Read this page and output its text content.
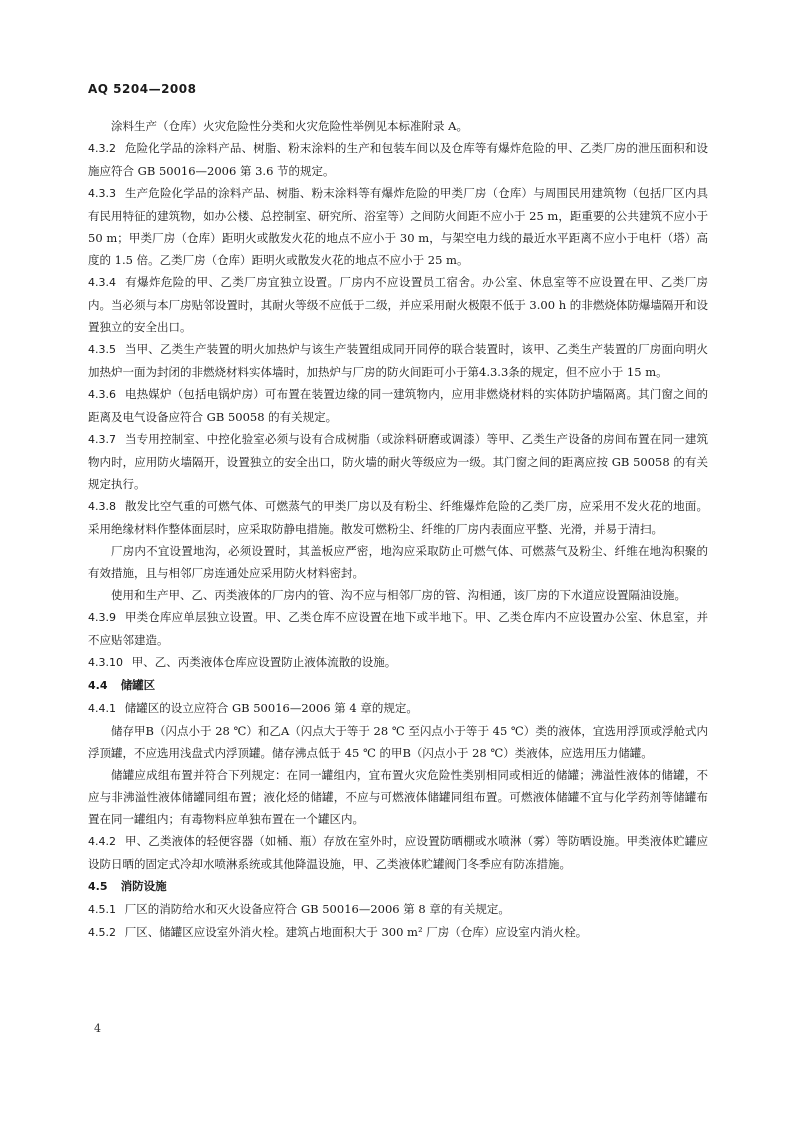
AQ 5204—2008

涂料生产（仓库）火灾危险性分类和火灾危险性举例见本标准附录 A。

4.3.2 危险化学品的涂料产品、树脂、粉末涂料的生产和包装车间以及仓库等有爆炸危险的甲、乙类厂房的泄压面积和设施应符合 GB 50016—2006 第 3.6 节的规定。

4.3.3 生产危险化学品的涂料产品、树脂、粉末涂料等有爆炸危险的甲类厂房（仓库）与周围民用建筑物（包括厂区内具有民用特征的建筑物，如办公楼、总控制室、研究所、浴室等）之间防火间距不应小于 25 m，距重要的公共建筑不应小于 50 m；甲类厂房（仓库）距明火或散发火花的地点不应小于 30 m，与架空电力线的最近水平距离不应小于电杆（塔）高度的 1.5 倍。乙类厂房（仓库）距明火或散发火花的地点不应小于 25 m。

4.3.4 有爆炸危险的甲、乙类厂房宜独立设置。厂房内不应设置员工宿舍。办公室、休息室等不应设置在甲、乙类厂房内。当必须与本厂房贴邻设置时，其耐火等级不应低于二级，并应采用耐火极限不低于 3.00 h 的非燃烧体防爆墙隔开和设置独立的安全出口。

4.3.5 当甲、乙类生产装置的明火加热炉与该生产装置组成同开同停的联合装置时，该甲、乙类生产装置的厂房面向明火加热炉一面为封闭的非燃烧材料实体墙时，加热炉与厂房的防火间距可小于第4.3.3条的规定，但不应小于 15 m。

4.3.6 电热媒炉（包括电锅炉房）可布置在装置边缘的同一建筑物内，应用非燃烧材料的实体防护墙隔离。其门窗之间的距离及电气设备应符合 GB 50058 的有关规定。

4.3.7 当专用控制室、中控化验室必须与设有合成树脂（或涂料研磨或调漆）等甲、乙类生产设备的房间布置在同一建筑物内时，应用防火墙隔开，设置独立的安全出口，防火墙的耐火等级应为一级。其门窗之间的距离应按 GB 50058 的有关规定执行。

4.3.8 散发比空气重的可燃气体、可燃蒸气的甲类厂房以及有粉尘、纤维爆炸危险的乙类厂房，应采用不发火花的地面。采用绝缘材料作整体面层时，应采取防静电措施。散发可燃粉尘、纤维的厂房内表面应平整、光滑，并易于清扫。

厂房内不宜设置地沟，必须设置时，其盖板应严密，地沟应采取防止可燃气体、可燃蒸气及粉尘、纤维在地沟积聚的有效措施，且与相邻厂房连通处应采用防火材料密封。

使用和生产甲、乙、丙类液体的厂房内的管、沟不应与相邻厂房的管、沟相通，该厂房的下水道应设置隔油设施。

4.3.9 甲类仓库应单层独立设置。甲、乙类仓库不应设置在地下或半地下。甲、乙类仓库内不应设置办公室、休息室，并不应贴邻建造。

4.3.10 甲、乙、丙类液体仓库应设置防止液体流散的设施。

4.4 储罐区

4.4.1 储罐区的设立应符合 GB 50016—2006 第 4 章的规定。

储存甲B（闪点小于 28 ℃）和乙A（闪点大于等于 28 ℃ 至闪点小于等于 45 ℃）类的液体，宜选用浮顶或浮舱式内浮顶罐，不应选用浅盘式内浮顶罐。储存沸点低于 45 ℃ 的甲B（闪点小于 28 ℃）类液体，应选用压力储罐。

储罐应成组布置并符合下列规定：在同一罐组内，宜布置火灾危险性类别相同或相近的储罐；沸溢性液体的储罐，不应与非沸溢性液体储罐同组布置；液化烃的储罐，不应与可燃液体储罐同组布置。可燃液体储罐不宜与化学药剂等储罐布置在同一罐组内；有毒物料应单独布置在一个罐区内。

4.4.2 甲、乙类液体的轻便容器（如桶、瓶）存放在室外时，应设置防晒棚或水喷淋（雾）等防晒设施。甲类液体贮罐应设防日晒的固定式冷却水喷淋系统或其他降温设施，甲、乙类液体贮罐阀门冬季应有防冻措施。

4.5 消防设施

4.5.1 厂区的消防给水和灭火设备应符合 GB 50016—2006 第 8 章的有关规定。

4.5.2 厂区、储罐区应设室外消火栓。建筑占地面积大于 300 m² 厂房（仓库）应设室内消火栓。

4
